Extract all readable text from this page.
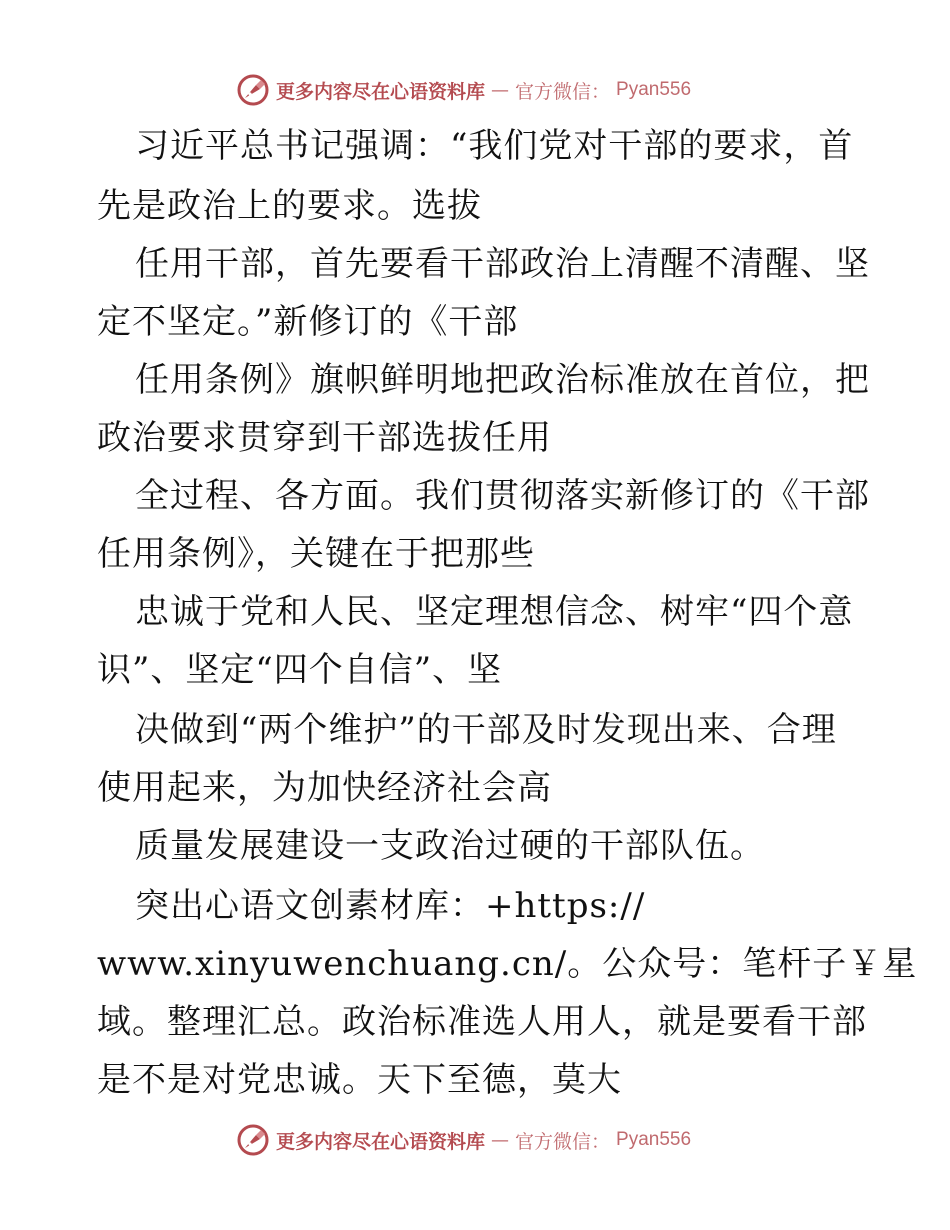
更多内容尽在心语资料库 — 官方微信： Pyan556
习近平总书记强调：“我们党对干部的要求，首
先是政治上的要求。选拔
任用干部，首先要看干部政治上清醒不清醒、坚
定不坚定。”新修订的《干部
任用条例》旗帜鲜明地把政治标准放在首位，把
政治要求贯穿到干部选拔任用
全过程、各方面。我们贯彻落实新修订的《干部
任用条例》，关键在于把那些
忠诚于党和人民、坚定理想信念、树牢“四个意
识”、坚定“四个自信”、坚
决做到“两个维护”的干部及时发现出来、合理
使用起来，为加快经济社会高
质量发展建设一支政治过硬的干部队伍。
突出心语文创素材库：+https://
www.xinyuwenchuang.cn/。公众号：笔杆子￥星
域。整理汇总。政治标准选人用人，就是要看干部
是不是对党忠诚。天下至德，莫大
更多内容尽在心语资料库 — 官方微信： Pyan556
